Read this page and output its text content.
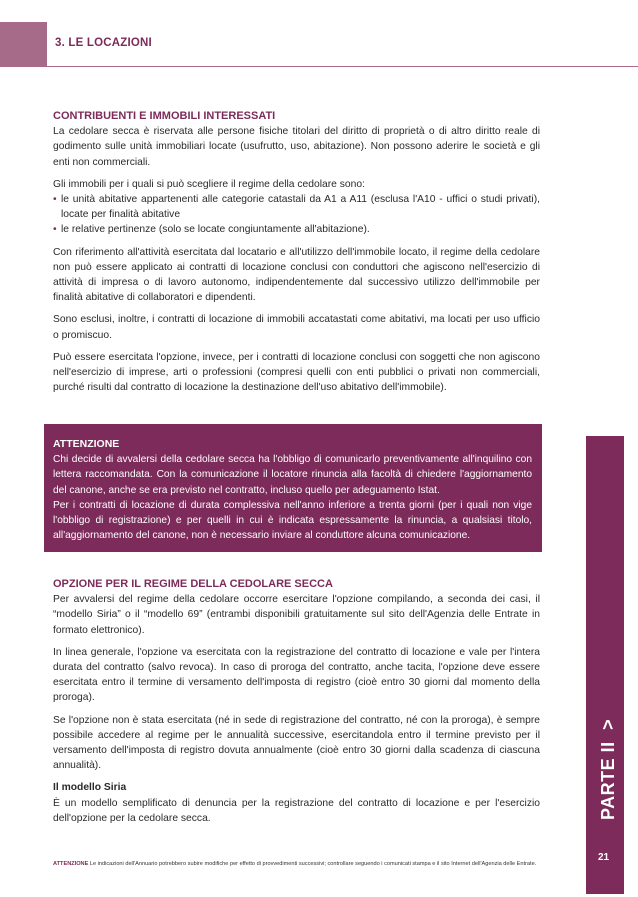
3. LE LOCAZIONI

CONTRIBUENTI E IMMOBILI INTERESSATI

La cedolare secca è riservata alle persone fisiche titolari del diritto di proprietà o di altro diritto reale di godimento sulle unità immobiliari locate (usufrutto, uso, abitazione). Non possono aderire le società e gli enti non commerciali.

Gli immobili per i quali si può scegliere il regime della cedolare sono:

• le unità abitative appartenenti alle categorie catastali da A1 a A11 (esclusa l'A10 - uffici o studi privati), locate per finalità abitative
• le relative pertinenze (solo se locate congiuntamente all'abitazione).

Con riferimento all'attività esercitata dal locatario e all'utilizzo dell'immobile locato, il regime della cedolare non può essere applicato ai contratti di locazione conclusi con conduttori che agiscono nell'esercizio di attività di impresa o di lavoro autonomo, indipendentemente dal successivo utilizzo dell'immobile per finalità abitative di collaboratori e dipendenti.

Sono esclusi, inoltre, i contratti di locazione di immobili accatastati come abitativi, ma locati per uso ufficio o promiscuo.

Può essere esercitata l'opzione, invece, per i contratti di locazione conclusi con soggetti che non agiscono nell'esercizio di imprese, arti o professioni (compresi quelli con enti pubblici o privati non commerciali, purché risulti dal contratto di locazione la destinazione dell'uso abitativo dell'immobile).

ATTENZIONE

Chi decide di avvalersi della cedolare secca ha l'obbligo di comunicarlo preventivamente all'inquilino con lettera raccomandata. Con la comunicazione il locatore rinuncia alla facoltà di chiedere l'aggiornamento del canone, anche se era previsto nel contratto, incluso quello per adeguamento Istat.

Per i contratti di locazione di durata complessiva nell'anno inferiore a trenta giorni (per i quali non vige l'obbligo di registrazione) e per quelli in cui è indicata espressamente la rinuncia, a qualsiasi titolo, all'aggiornamento del canone, non è necessario inviare al conduttore alcuna comunicazione.

OPZIONE PER IL REGIME DELLA CEDOLARE SECCA

Per avvalersi del regime della cedolare occorre esercitare l'opzione compilando, a seconda dei casi, il “modello Siria” o il “modello 69” (entrambi disponibili gratuitamente sul sito dell'Agenzia delle Entrate in formato elettronico).

In linea generale, l'opzione va esercitata con la registrazione del contratto di locazione e vale per l'intera durata del contratto (salvo revoca). In caso di proroga del contratto, anche tacita, l'opzione deve essere esercitata entro il termine di versamento dell'imposta di registro (cioè entro 30 giorni dal momento della proroga).

Se l'opzione non è stata esercitata (né in sede di registrazione del contratto, né con la proroga), è sempre possibile accedere al regime per le annualità successive, esercitandola entro il termine previsto per il versamento dell'imposta di registro dovuta annualmente (cioè entro 30 giorni dalla scadenza di ciascuna annualità).

Il modello Siria

È un modello semplificato di denuncia per la registrazione del contratto di locazione e per l'esercizio dell'opzione per la cedolare secca.	PARTE II > IL FISCO SULLA CASA
21
ATTENZIONE Le indicazioni dell'Annuario potrebbero subire modifiche per effetto di provvedimenti successivi; controllare seguendo i comunicati stampa e il sito Internet dell'Agenzia delle Entrate.
